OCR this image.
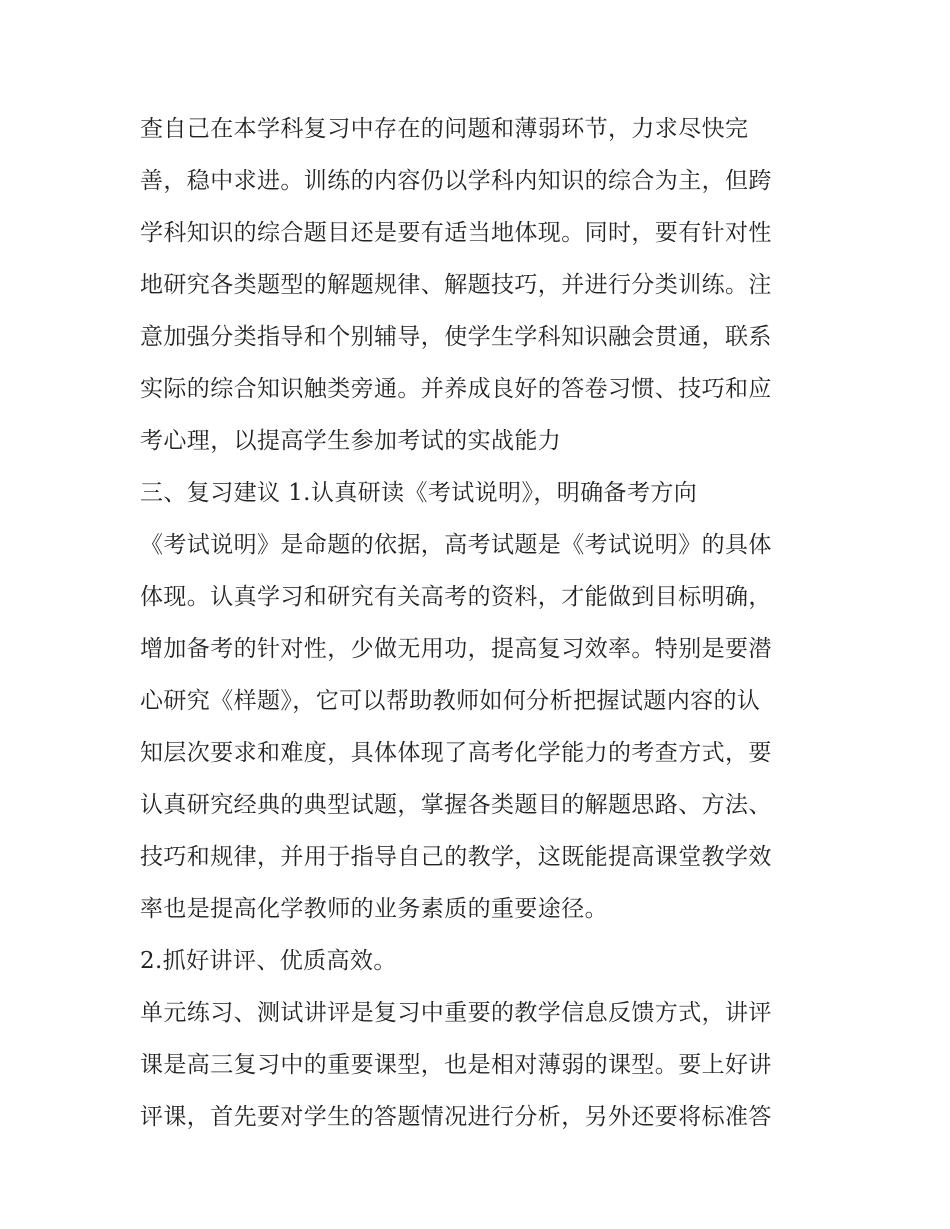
查自己在本学科复习中存在的问题和薄弱环节，力求尽快完
善，稳中求进。训练的内容仍以学科内知识的综合为主，但跨
学科知识的综合题目还是要有适当地体现。同时，要有针对性
地研究各类题型的解题规律、解题技巧，并进行分类训练。注
意加强分类指导和个别辅导，使学生学科知识融会贯通，联系
实际的综合知识触类旁通。并养成良好的答卷习惯、技巧和应
考心理，以提高学生参加考试的实战能力
三、复习建议 1.认真研读《考试说明》，明确备考方向
《考试说明》是命题的依据，高考试题是《考试说明》的具体
体现。认真学习和研究有关高考的资料，才能做到目标明确，
增加备考的针对性，少做无用功，提高复习效率。特别是要潜
心研究《样题》，它可以帮助教师如何分析把握试题内容的认
知层次要求和难度，具体体现了高考化学能力的考查方式，要
认真研究经典的典型试题，掌握各类题目的解题思路、方法、
技巧和规律，并用于指导自己的教学，这既能提高课堂教学效
率也是提高化学教师的业务素质的重要途径。
2.抓好讲评、优质高效。
单元练习、测试讲评是复习中重要的教学信息反馈方式，讲评
课是高三复习中的重要课型，也是相对薄弱的课型。要上好讲
评课，首先要对学生的答题情况进行分析，另外还要将标准答
